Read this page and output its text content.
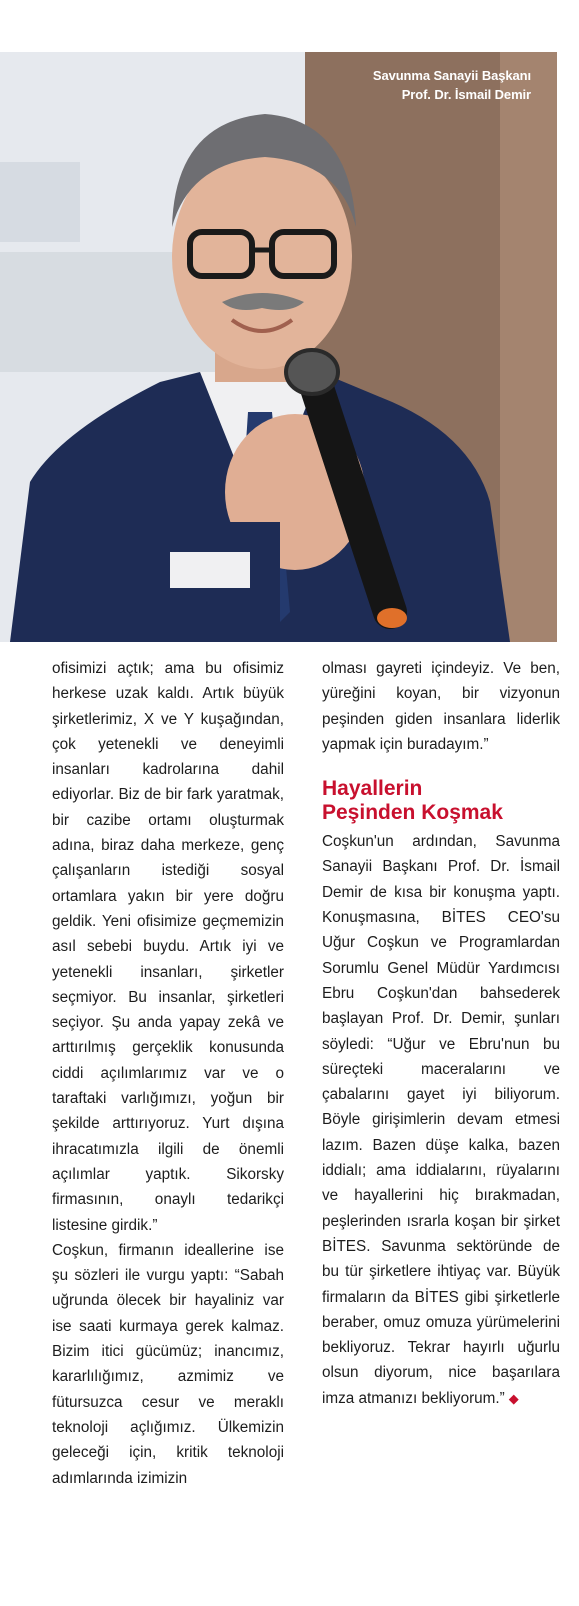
Savunma Sanayii Başkanı
Prof. Dr. İsmail Demir

ofisimizi açtık; ama bu ofisimiz herkese uzak kaldı. Artık büyük şirketlerimiz, X ve Y kuşağından, çok yetenekli ve deneyimli insanları kadrolarına dahil ediyorlar. Biz de bir fark yaratmak, bir cazibe ortamı oluşturmak adına, biraz daha merkeze, genç çalışanların istediği sosyal ortamlara yakın bir yere doğru geldik. Yeni ofisimize geçmemizin asıl sebebi buydu. Artık iyi ve yetenekli insanları, şirketler seçmiyor. Bu insanlar, şirketleri seçiyor. Şu anda yapay zekâ ve arttırılmış gerçeklik konusunda ciddi açılımlarımız var ve o taraftaki varlığımızı, yoğun bir şekilde arttırıyoruz. Yurt dışına ihracatımızla ilgili de önemli açılımlar yaptık. Sikorsky firmasının, onaylı tedarikçi listesine girdik.”

Coşkun, firmanın ideallerine ise şu sözleri ile vurgu yaptı: “Sabah uğrunda ölecek bir hayaliniz var ise saati kurmaya gerek kalmaz. Bizim itici gücümüz; inancımız, kararlılığımız, azmimiz ve fütursuzca cesur ve meraklı teknoloji açlığımız. Ülkemizin geleceği için, kritik teknoloji adımlarında izimizin

olması gayreti içindeyiz. Ve ben, yüreğini koyan, bir vizyonun peşinden giden insanlara liderlik yapmak için buradayım.”

Hayallerin
Peşinden Koşmak

Coşkun'un ardından, Savunma Sanayii Başkanı Prof. Dr. İsmail Demir de kısa bir konuşma yaptı. Konuşmasına, BİTES CEO'su Uğur Coşkun ve Programlardan Sorumlu Genel Müdür Yardımcısı Ebru Coşkun'dan bahsederek başlayan Prof. Dr. Demir, şunları söyledi: “Uğur ve Ebru'nun bu süreçteki maceralarını ve çabalarını gayet iyi biliyorum. Böyle girişimlerin devam etmesi lazım. Bazen düşe kalka, bazen iddialı; ama iddialarını, rüyalarını ve hayallerini hiç bırakmadan, peşlerinden ısrarla koşan bir şirket BİTES. Savunma sektöründe de bu tür şirketlere ihtiyaç var. Büyük firmaların da BİTES gibi şirketlerle beraber, omuz omuza yürümelerini bekliyoruz. Tekrar hayırlı uğurlu olsun diyorum, nice başarılara imza atmanızı bekliyorum.” ◆
